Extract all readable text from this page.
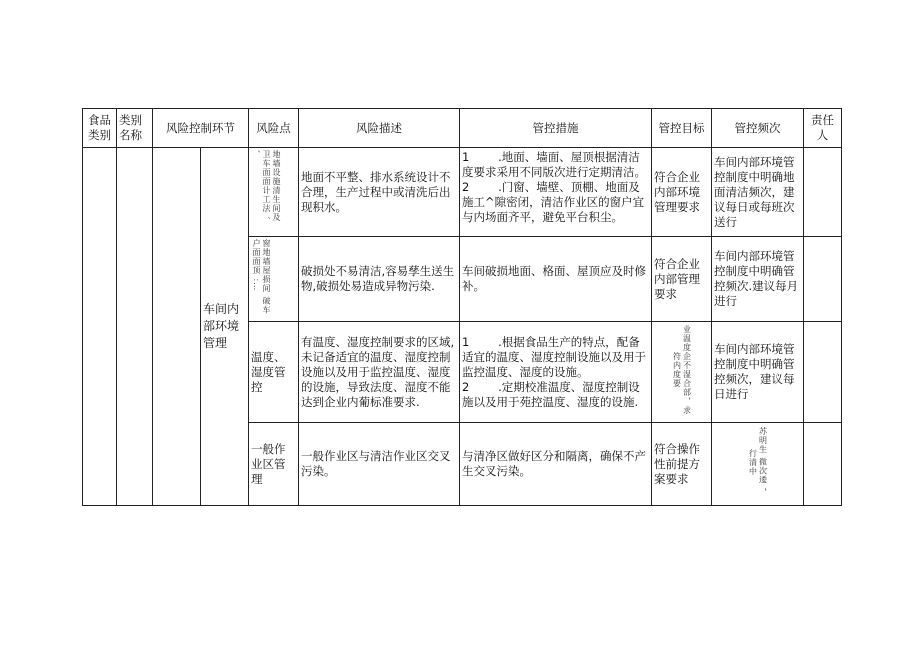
食品类别	类别名称	风险控制环节		风险点	风险描述	管控措施	管控目标	管控频次	责任人
			车间内部环境管理	地墙设施清生间及卫车面面计工法 、 、	地面不平整、排水系统设计不合理，生产过程中或清洗后出现积水。	1    .地面、墙面、屋顶根据清洁度要求采用不同版次进行定期清洁。
2    .门窗、墙壁、顶棚、地面及施工^隙密闭，清洁作业区的窗户宜与内场面齐平，避免平台积尘。	符合企业内部环境管理要求	车间内部环境管控制度中明确地面清洁频次，建议每日或每班次送行	
				窗地墙屋损间 破车户面面顶 :…	破损处不易清洁,容易孳生送生物,破损处易造成异物污染.	车间破损地面、格面、屋顶应及时修补。	符合企业内部管理要求	车间内部环境管控制度中明确管控频次.建议每月进行	
				温度、湿度管控	有温度、湿度控制要求的区域,未记备适宜的温度、湿度控制设施以及用于监控温度、湿度的设施，导致法度、湿度不能达到企业内葡标准要求.	1    .根据食品生产的特点，配备适宜的温度、湿度控制设施以及用于监控温度、湿度的设施。
2    .定期校准温度、湿度控制设施以及用于苑控温度、湿度的设施.	业温度企不湿合部，求符内度要	车间内部环境管控制度中明确管控频次，建议每日进行	
				一般作业区管理	一般作业区与清洁作业区交叉污染。	与清净区做好区分和隔离，确保不产生交叉污染。	符合操作性前提方案要求	苏明生 微次逶 ，行清中	
